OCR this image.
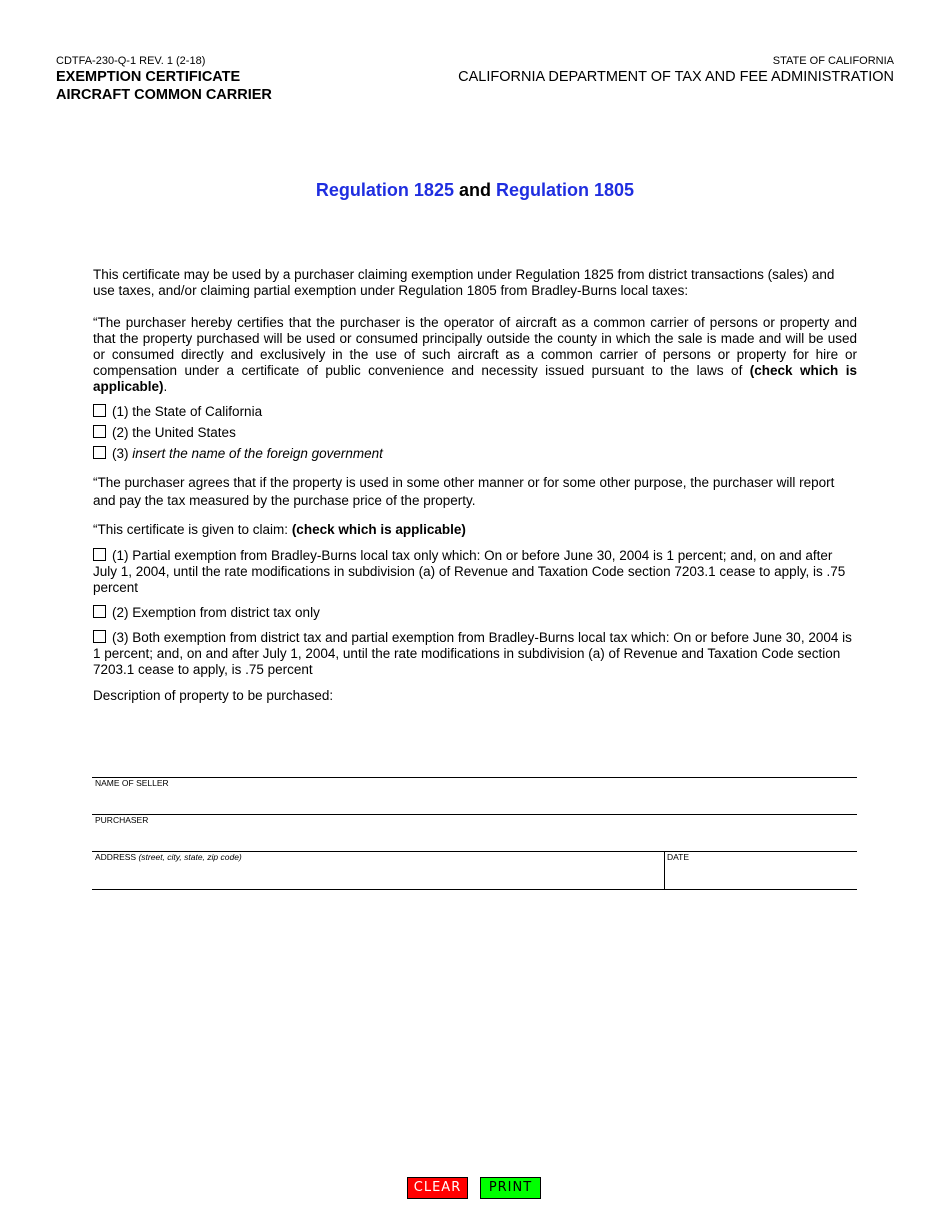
CDTFA-230-Q-1 REV. 1 (2-18)
EXEMPTION CERTIFICATE
AIRCRAFT COMMON CARRIER
STATE OF CALIFORNIA
CALIFORNIA DEPARTMENT OF TAX AND FEE ADMINISTRATION
Regulation 1825 and Regulation 1805
This certificate may be used by a purchaser claiming exemption under Regulation 1825 from district transactions (sales) and use taxes, and/or claiming partial exemption under Regulation 1805 from Bradley-Burns local taxes:
“The purchaser hereby certifies that the purchaser is the operator of aircraft as a common carrier of persons or property and that the property purchased will be used or consumed principally outside the county in which the sale is made and will be used or consumed directly and exclusively in the use of such aircraft as a common carrier of persons or property for hire or compensation under a certificate of public convenience and necessity issued pursuant to the laws of (check which is applicable).
(1) the State of California
(2) the United States
(3) insert the name of the foreign government
“The purchaser agrees that if the property is used in some other manner or for some other purpose, the purchaser will report and pay the tax measured by the purchase price of the property.
“This certificate is given to claim: (check which is applicable)
(1) Partial exemption from Bradley-Burns local tax only which: On or before June 30, 2004 is 1 percent; and, on and after July 1, 2004, until the rate modifications in subdivision (a) of Revenue and Taxation Code section 7203.1 cease to apply, is .75 percent
(2) Exemption from district tax only
(3) Both exemption from district tax and partial exemption from Bradley-Burns local tax which: On or before June 30, 2004 is 1 percent; and, on and after July 1, 2004, until the rate modifications in subdivision (a) of Revenue and Taxation Code section 7203.1 cease to apply, is .75 percent
Description of property to be purchased:
NAME OF SELLER
PURCHASER
ADDRESS (street, city, state, zip code)	DATE
CLEAR	PRINT
